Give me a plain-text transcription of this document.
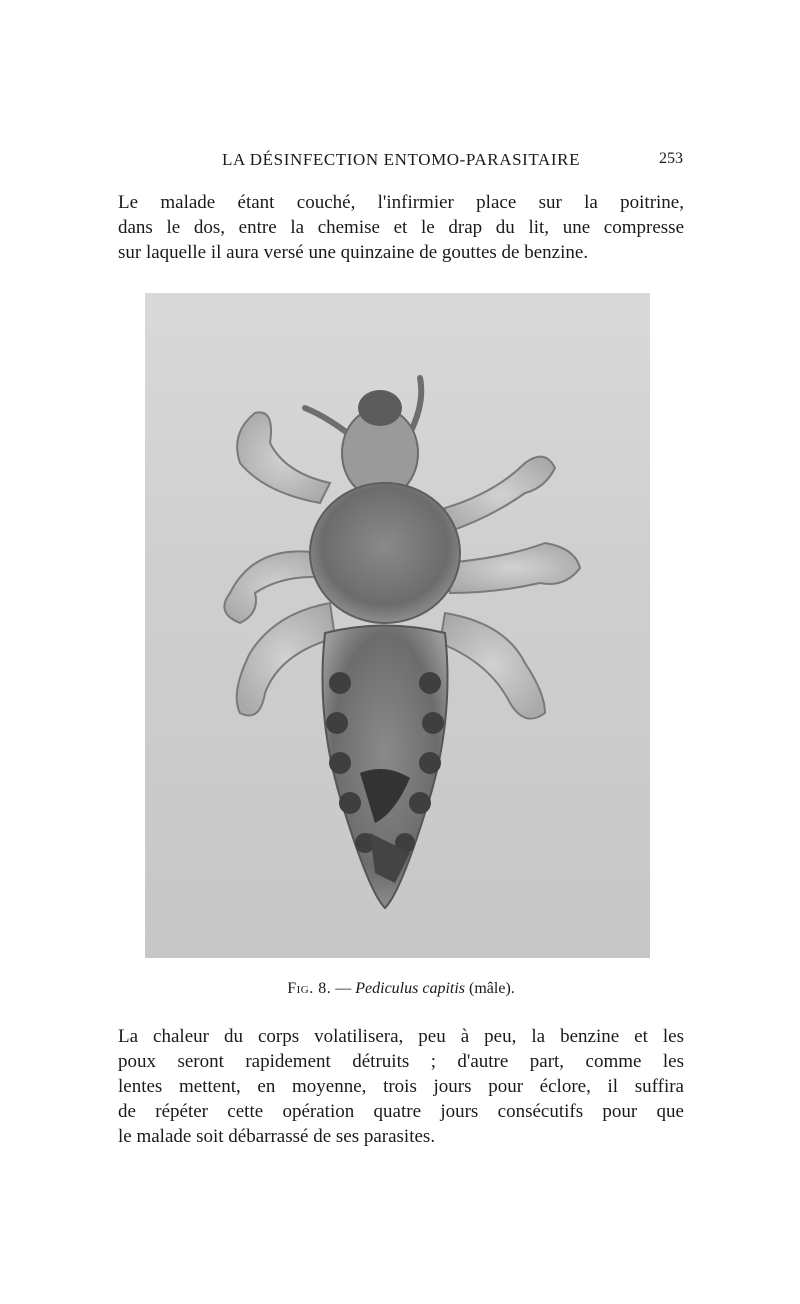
LA DÉSINFECTION ENTOMO-PARASITAIRE	253
Le malade étant couché, l'infirmier place sur la poitrine,
dans le dos, entre la chemise et le drap du lit, une compresse
sur laquelle il aura versé une quinzaine de gouttes de benzine.
Fig. 8. — Pediculus capitis (mâle).
La chaleur du corps volatilisera, peu à peu, la benzine et les
poux seront rapidement détruits ; d'autre part, comme les
lentes mettent, en moyenne, trois jours pour éclore, il suffira
de répéter cette opération quatre jours consécutifs pour que
le malade soit débarrassé de ses parasites.
